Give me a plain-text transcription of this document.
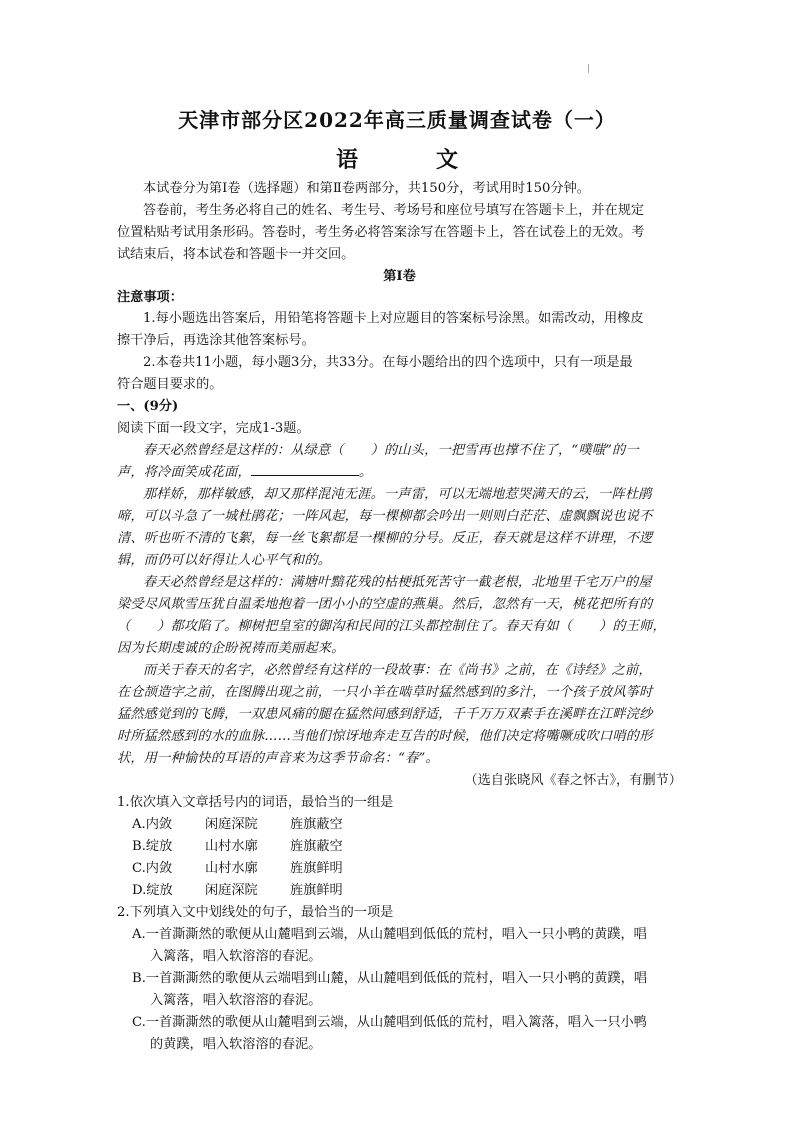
天津市部分区2022年高三质量调查试卷（一）
语　文

本试卷分为第Ⅰ卷（选择题）和第Ⅱ卷两部分，共150分，考试用时150分钟。

答卷前，考生务必将自己的姓名、考生号、考场号和座位号填写在答题卡上，并在规定

位置粘贴考试用条形码。答卷时，考生务必将答案涂写在答题卡上，答在试卷上的无效。考

试结束后，将本试卷和答题卡一并交回。

第Ⅰ卷

注意事项：

1.每小题选出答案后，用铅笔将答题卡上对应题目的答案标号涂黑。如需改动，用橡皮

擦干净后，再选涂其他答案标号。

2.本卷共11小题，每小题3分，共33分。在每小题给出的四个选项中，只有一项是最

符合题目要求的。

一、(9分)

阅读下面一段文字，完成1-3题。

春天必然曾经是这样的：从绿意（　　）的山头，一把雪再也撑不住了，“噗嗤”的一

声，将冷面笑成花面，	。

那样娇，那样敏感，却又那样混沌无涯。一声雷，可以无端地惹哭满天的云，一阵杜鹃

啼，可以斗急了一城杜鹃花；一阵风起，每一棵柳都会吟出一则则白茫茫、虚飘飘说也说不

清、听也听不清的飞絮，每一丝飞絮都是一棵柳的分号。反正，春天就是这样不讲理，不逻

辑，而仍可以好得让人心平气和的。

春天必然曾经是这样的：满塘叶黯花残的枯梗抵死苦守一截老根，北地里千宅万户的屋

梁受尽风欺雪压犹自温柔地抱着一团小小的空虚的燕巢。然后，忽然有一天，桃花把所有的

（　　）都攻陷了。柳树把皇室的御沟和民间的江头都控制住了。春天有如（　　）的王师，

因为长期虔诚的企盼祝祷而美丽起来。

而关于春天的名字，必然曾经有这样的一段故事：在《尚书》之前，在《诗经》之前，

在仓颉造字之前，在图腾出现之前，一只小羊在啮草时猛然感到的多汁，一个孩子放风筝时

猛然感觉到的飞腾，一双患风痛的腿在猛然间感到舒适，千千万万双素手在溪畔在江畔浣纱

时所猛然感到的水的血脉……当他们惊讶地奔走互告的时候，他们决定将嘴噘成吹口哨的形

状，用一种愉快的耳语的声音来为这季节命名：“春”。

（选自张晓风《春之怀古》，有删节）

1.依次填入文章括号内的词语，最恰当的一组是

A.内敛 闲庭深院 旌旗蔽空
B.绽放 山村水廓 旌旗蔽空
C.内敛 山村水廓 旌旗鲜明
D.绽放 闲庭深院 旌旗鲜明

2.下列填入文中划线处的句子，最恰当的一项是

A.一首澌澌然的歌便从山麓唱到云端，从山麓唱到低低的荒村，唱入一只小鸭的黄蹼，唱

入篱落，唱入软溶溶的春泥。

B.一首澌澌然的歌便从云端唱到山麓，从山麓唱到低低的荒村，唱入一只小鸭的黄蹼，唱

入篱落，唱入软溶溶的春泥。

C.一首澌澌然的歌便从山麓唱到云端，从山麓唱到低低的荒村，唱入篱落，唱入一只小鸭

的黄蹼，唱入软溶溶的春泥。
